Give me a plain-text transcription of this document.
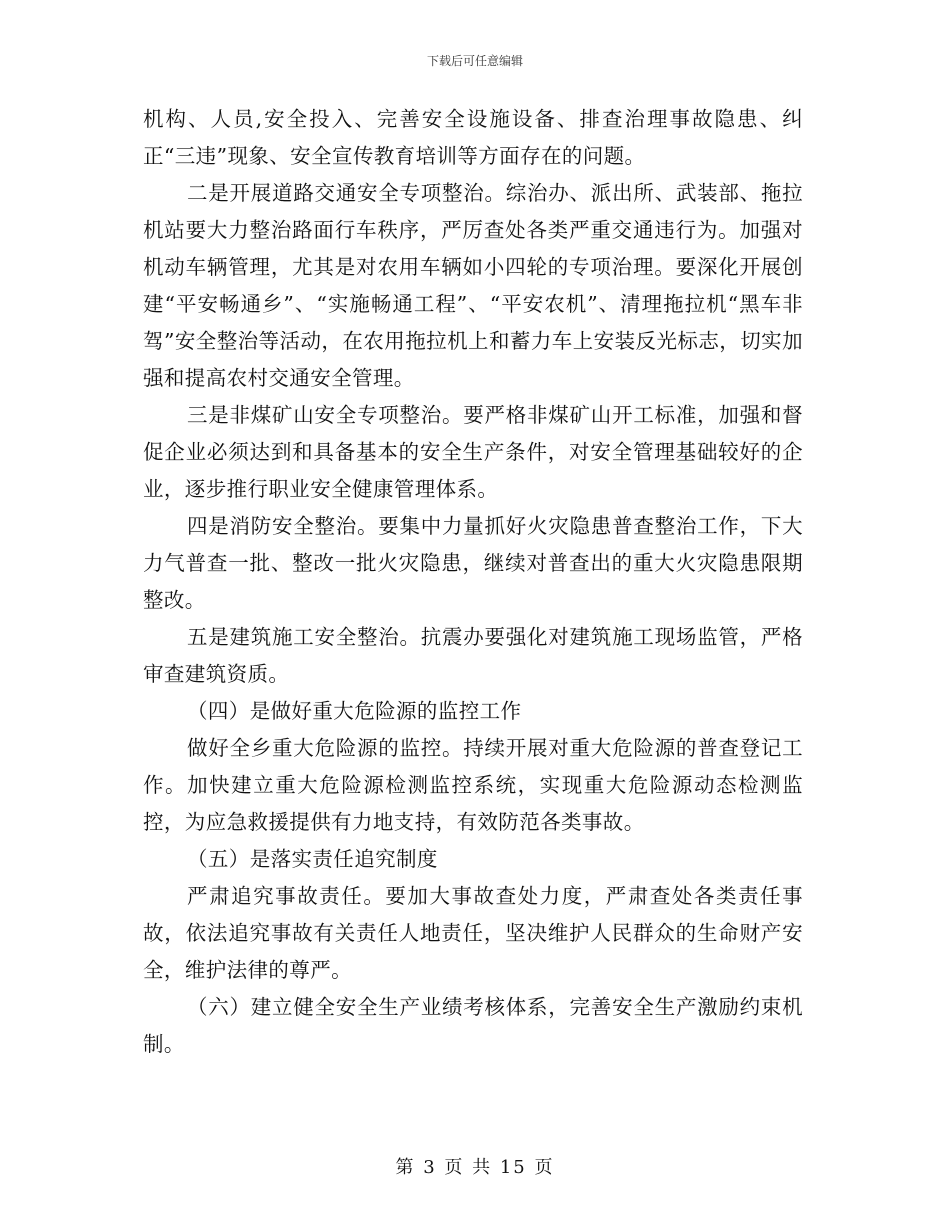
下载后可任意编辑

机构、人员,安全投入、完善安全设施设备、排查治理事故隐患、纠正“三违”现象、安全宣传教育培训等方面存在的问题。

二是开展道路交通安全专项整治。综治办、派出所、武装部、拖拉机站要大力整治路面行车秩序，严厉查处各类严重交通违行为。加强对机动车辆管理，尤其是对农用车辆如小四轮的专项治理。要深化开展创建“平安畅通乡”、“实施畅通工程”、“平安农机”、清理拖拉机“黑车非驾”安全整治等活动，在农用拖拉机上和蓄力车上安装反光标志，切实加强和提高农村交通安全管理。

三是非煤矿山安全专项整治。要严格非煤矿山开工标准，加强和督促企业必须达到和具备基本的安全生产条件，对安全管理基础较好的企业，逐步推行职业安全健康管理体系。

四是消防安全整治。要集中力量抓好火灾隐患普查整治工作，下大力气普查一批、整改一批火灾隐患，继续对普查出的重大火灾隐患限期整改。

五是建筑施工安全整治。抗震办要强化对建筑施工现场监管，严格审查建筑资质。

（四）是做好重大危险源的监控工作

做好全乡重大危险源的监控。持续开展对重大危险源的普查登记工作。加快建立重大危险源检测监控系统，实现重大危险源动态检测监控，为应急救援提供有力地支持，有效防范各类事故。

（五）是落实责任追究制度

严肃追究事故责任。要加大事故查处力度，严肃查处各类责任事故，依法追究事故有关责任人地责任，坚决维护人民群众的生命财产安全，维护法律的尊严。

（六）建立健全安全生产业绩考核体系，完善安全生产激励约束机制。

第 3 页 共 15 页
